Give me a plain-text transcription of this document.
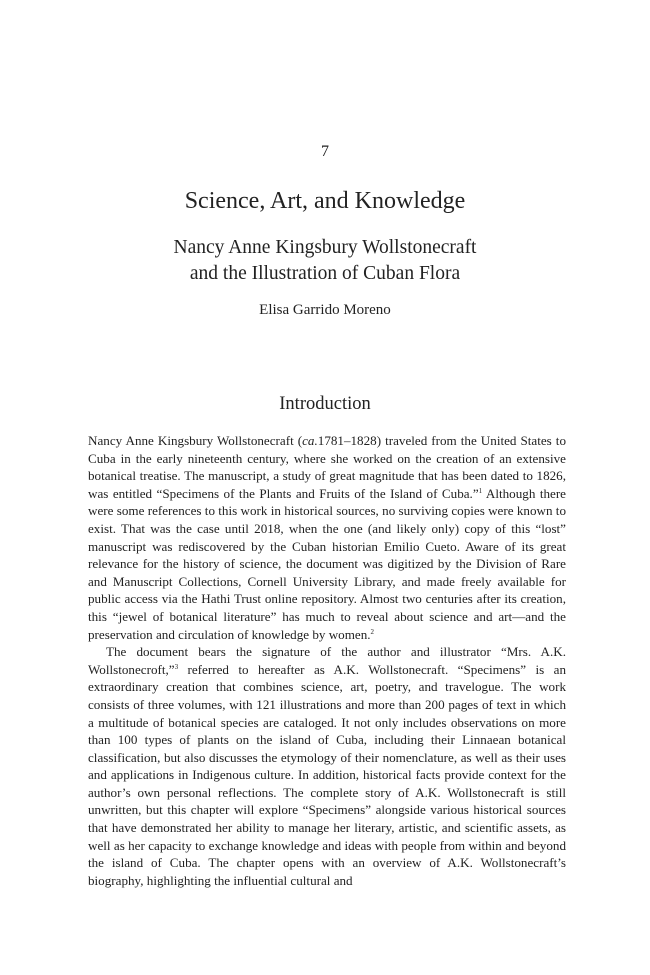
7
Science, Art, and Knowledge
Nancy Anne Kingsbury Wollstonecraft
and the Illustration of Cuban Flora
Elisa Garrido Moreno
Introduction

Nancy Anne Kingsbury Wollstonecraft (ca.1781–1828) traveled from the United States to Cuba in the early nineteenth century, where she worked on the creation of an extensive botanical treatise. The manuscript, a study of great magnitude that has been dated to 1826, was entitled “Specimens of the Plants and Fruits of the Island of Cuba.”$^1$ Although there were some references to this work in historical sources, no surviving copies were known to exist. That was the case until 2018, when the one (and likely only) copy of this “lost” manuscript was rediscovered by the Cuban historian Emilio Cueto. Aware of its great relevance for the history of science, the document was digitized by the Division of Rare and Manuscript Collections, Cornell University Library, and made freely available for public access via the Hathi Trust online repository. Almost two centuries after its creation, this “jewel of botanical literature” has much to reveal about science and art—and the preservation and circulation of knowledge by women.$^2$

The document bears the signature of the author and illustrator “Mrs. A.K. Wollstonecroft,”$^3$ referred to hereafter as A.K. Wollstonecraft. “Specimens” is an extraordinary creation that combines science, art, poetry, and travelogue. The work consists of three volumes, with 121 illustrations and more than 200 pages of text in which a multitude of botanical species are cataloged. It not only includes observations on more than 100 types of plants on the island of Cuba, including their Linnaean botanical classification, but also discusses the etymology of their nomenclature, as well as their uses and applications in Indigenous culture. In addition, historical facts provide context for the author’s own personal reflections. The complete story of A.K. Wollstonecraft is still unwritten, but this chapter will explore “Specimens” alongside various historical sources that have demonstrated her ability to manage her literary, artistic, and scientific assets, as well as her capacity to exchange knowledge and ideas with people from within and beyond the island of Cuba. The chapter opens with an overview of A.K. Wollstonecraft’s biography, highlighting the influential cultural and
